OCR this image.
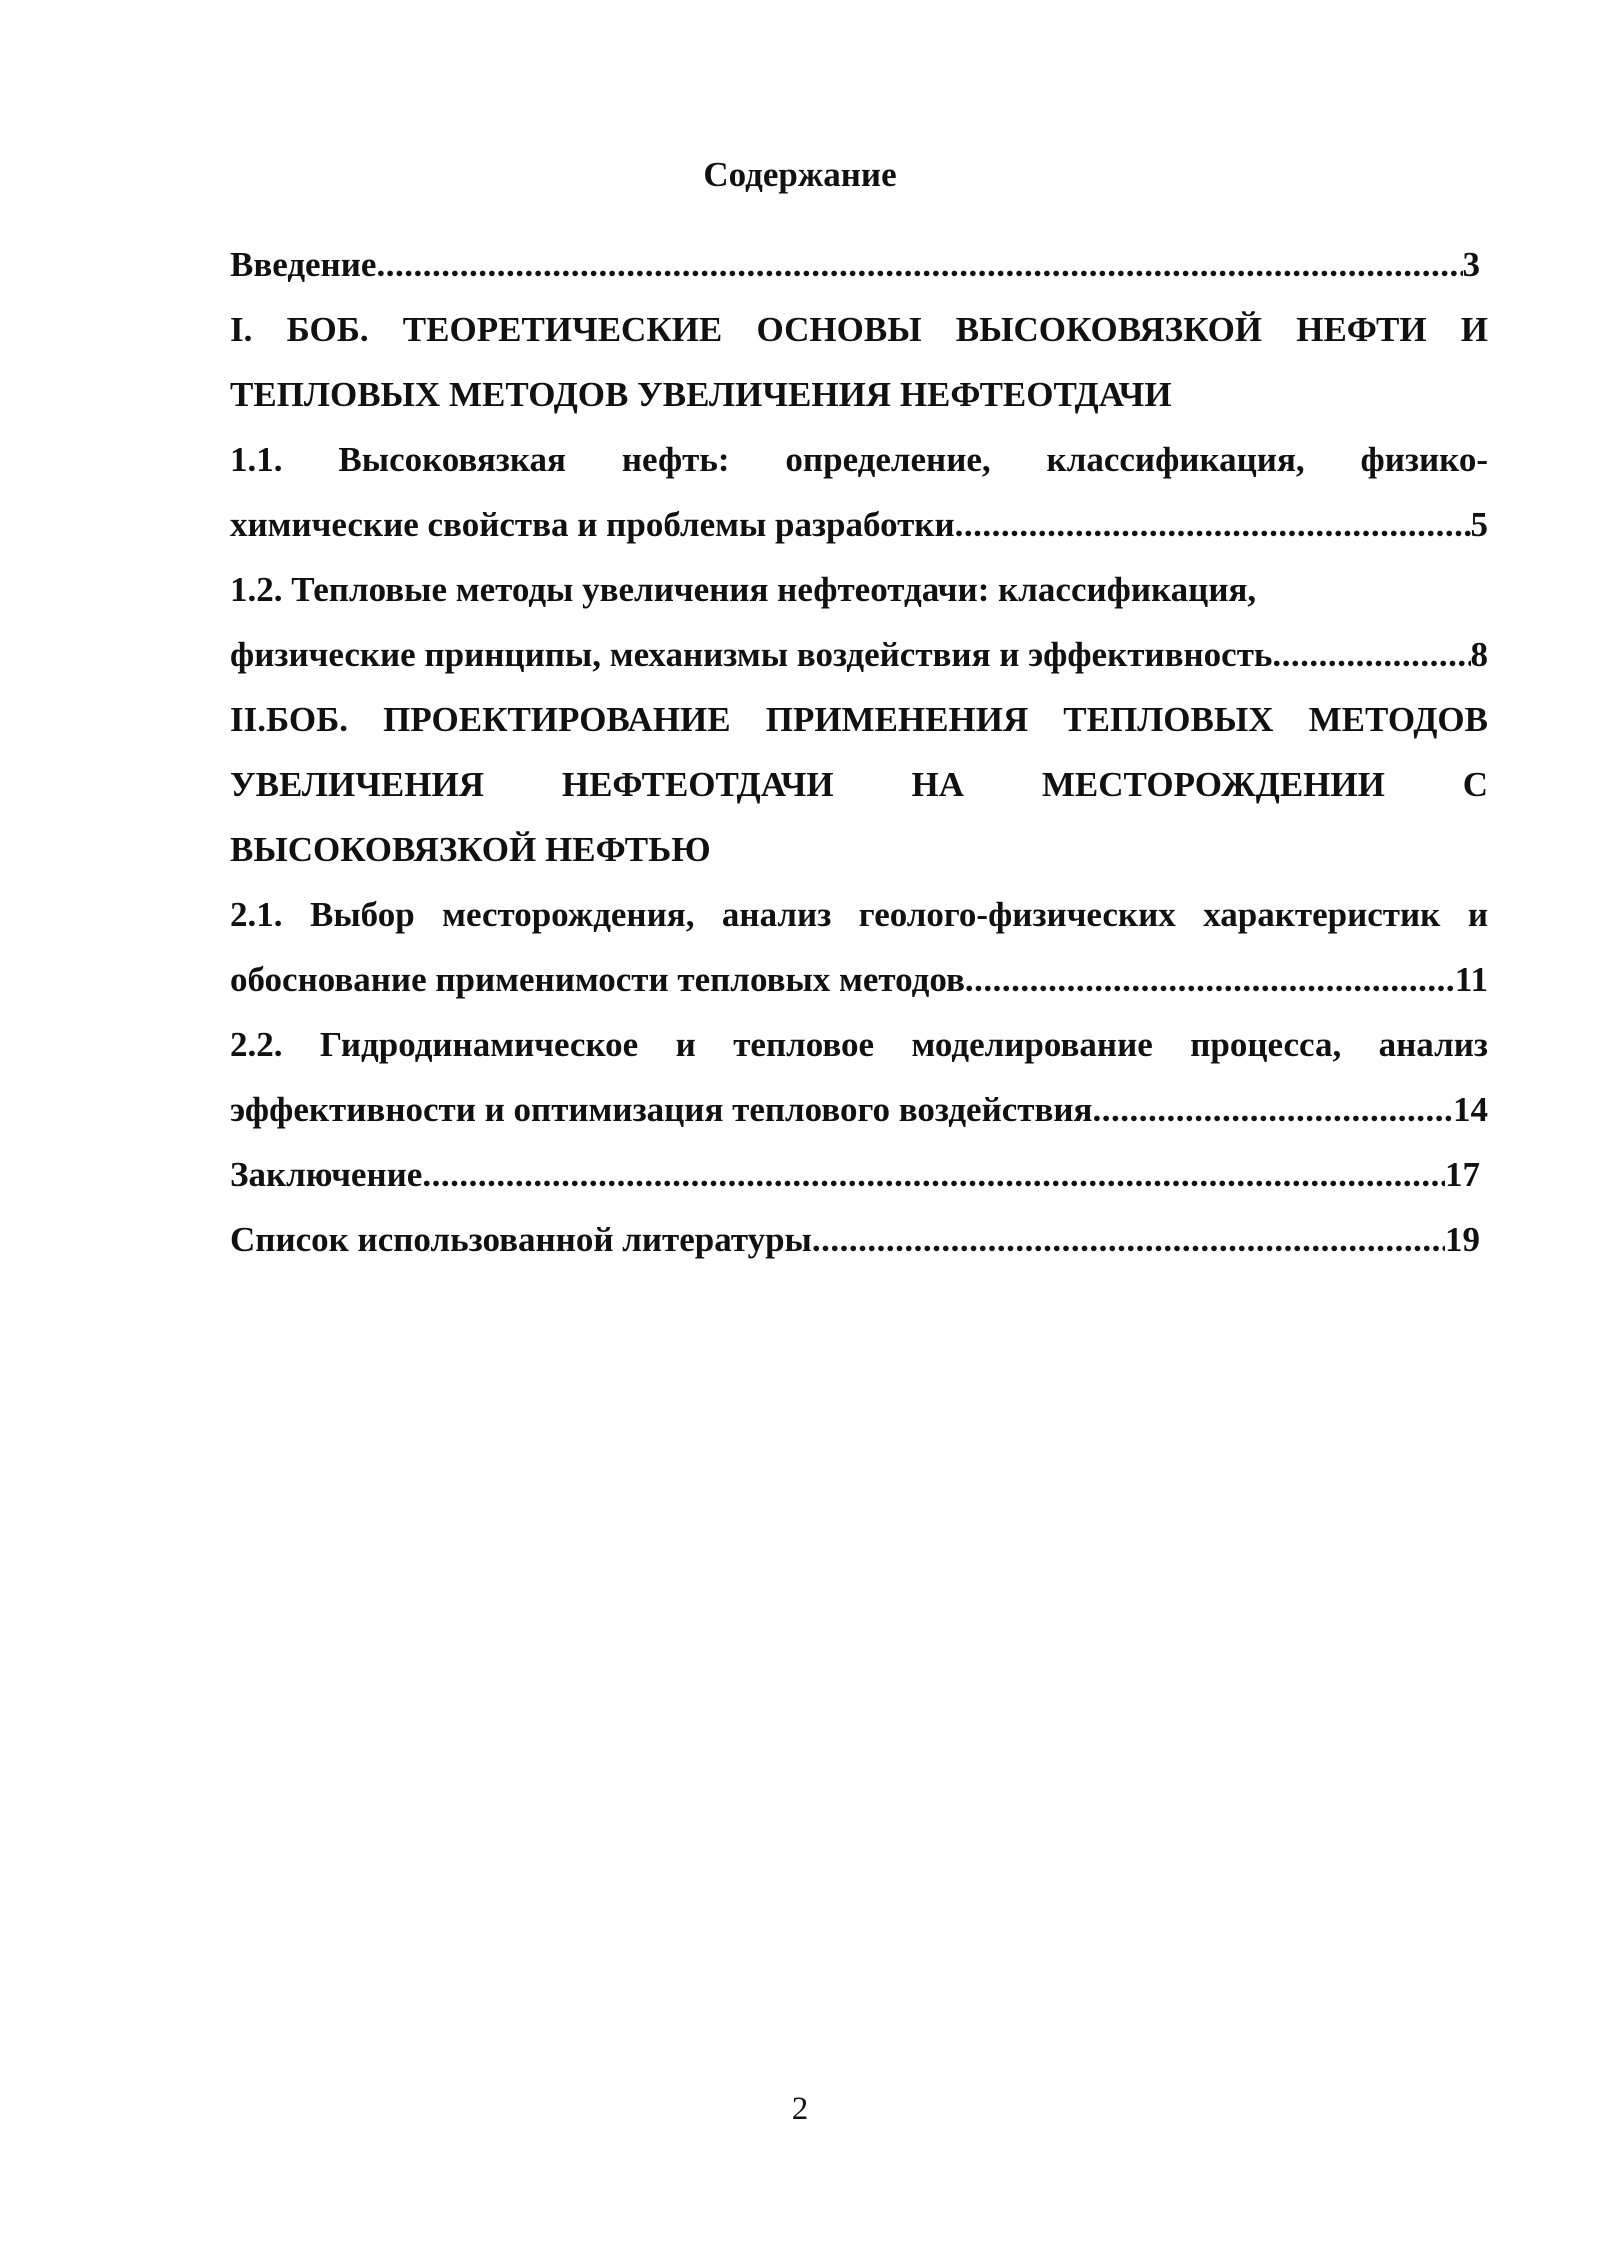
Содержание
Введение .....	3
I. БОБ. ТЕОРЕТИЧЕСКИЕ ОСНОВЫ ВЫСОКОВЯЗКОЙ НЕФТИ И
ТЕПЛОВЫХ МЕТОДОВ УВЕЛИЧЕНИЯ НЕФТЕОТДАЧИ
1.1. Высоковязкая нефть: определение, классификация, физико-
химические свойства и проблемы разработки .....	5
1.2. Тепловые методы увеличения нефтеотдачи: классификация,
физические принципы, механизмы воздействия и эффективность .....	8
II.БОБ. ПРОЕКТИРОВАНИЕ ПРИМЕНЕНИЯ ТЕПЛОВЫХ МЕТОДОВ
УВЕЛИЧЕНИЯ НЕФТЕОТДАЧИ НА МЕСТОРОЖДЕНИИ С
ВЫСОКОВЯЗКОЙ НЕФТЬЮ
2.1. Выбор месторождения, анализ геолого-физических характеристик и
обоснование применимости тепловых методов .....	11
2.2. Гидродинамическое и тепловое моделирование процесса, анализ
эффективности и оптимизация теплового воздействия .....	14
Заключение .....	17
Список использованной литературы .....	19
2
